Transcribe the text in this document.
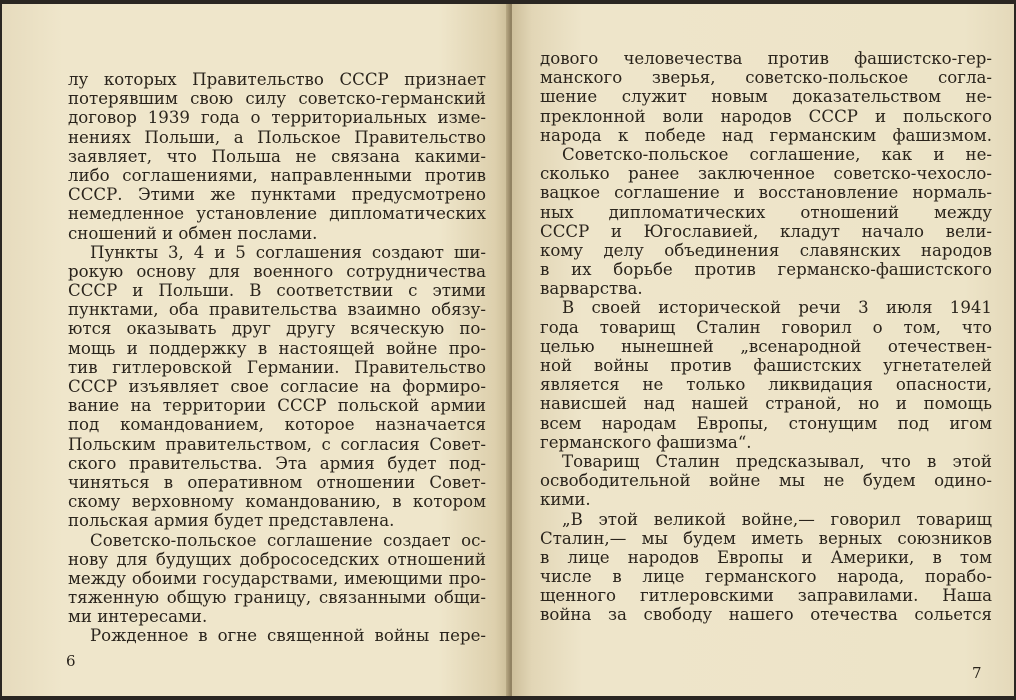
лу которых Правительство СССР признает
потерявшим свою силу советско-германский
договор 1939 года о территориальных изме-
нениях Польши, а Польское Правительство
заявляет, что Польша не связана какими-
либо соглашениями, направленными против
СССР. Этими же пунктами предусмотрено
немедленное установление дипломатических
сношений и обмен послами.
Пункты 3, 4 и 5 соглашения создают ши-
рокую основу для военного сотрудничества
СССР и Польши. В соответствии с этими
пунктами, оба правительства взаимно обязу-
ются оказывать друг другу всяческую по-
мощь и поддержку в настоящей войне про-
тив гитлеровской Германии. Правительство
СССР изъявляет свое согласие на формиро-
вание на территории СССР польской армии
под командованием, которое назначается
Польским правительством, с согласия Совет-
ского правительства. Эта армия будет под-
чиняться в оперативном отношении Совет-
скому верховному командованию, в котором
польская армия будет представлена.
Советско-польское соглашение создает ос-
нову для будущих добрососедских отношений
между обоими государствами, имеющими про-
тяженную общую границу, связанными общи-
ми интересами.
Рожденное в огне священной войны пере-
6
дового человечества против фашистско-гер-
манского зверья, советско-польское согла-
шение служит новым доказательством не-
преклонной воли народов СССР и польского
народа к победе над германским фашизмом.
Советско-польское соглашение, как и не-
сколько ранее заключенное советско-чехосло-
вацкое соглашение и восстановление нормаль-
ных дипломатических отношений между
СССР и Югославией, кладут начало вели-
кому делу объединения славянских народов
в их борьбе против германско-фашистского
варварства.
В своей исторической речи 3 июля 1941
года товарищ Сталин говорил о том, что
целью нынешней „всенародной отечествен-
ной войны против фашистских угнетателей
является не только ликвидация опасности,
нависшей над нашей страной, но и помощь
всем народам Европы, стонущим под игом
германского фашизма“.
Товарищ Сталин предсказывал, что в этой
освободительной войне мы не будем одино-
кими.
„В этой великой войне,— говорил товарищ
Сталин,— мы будем иметь верных союзников
в лице народов Европы и Америки, в том
числе в лице германского народа, порабо-
щенного гитлеровскими заправилами. Наша
война за свободу нашего отечества сольется
7
